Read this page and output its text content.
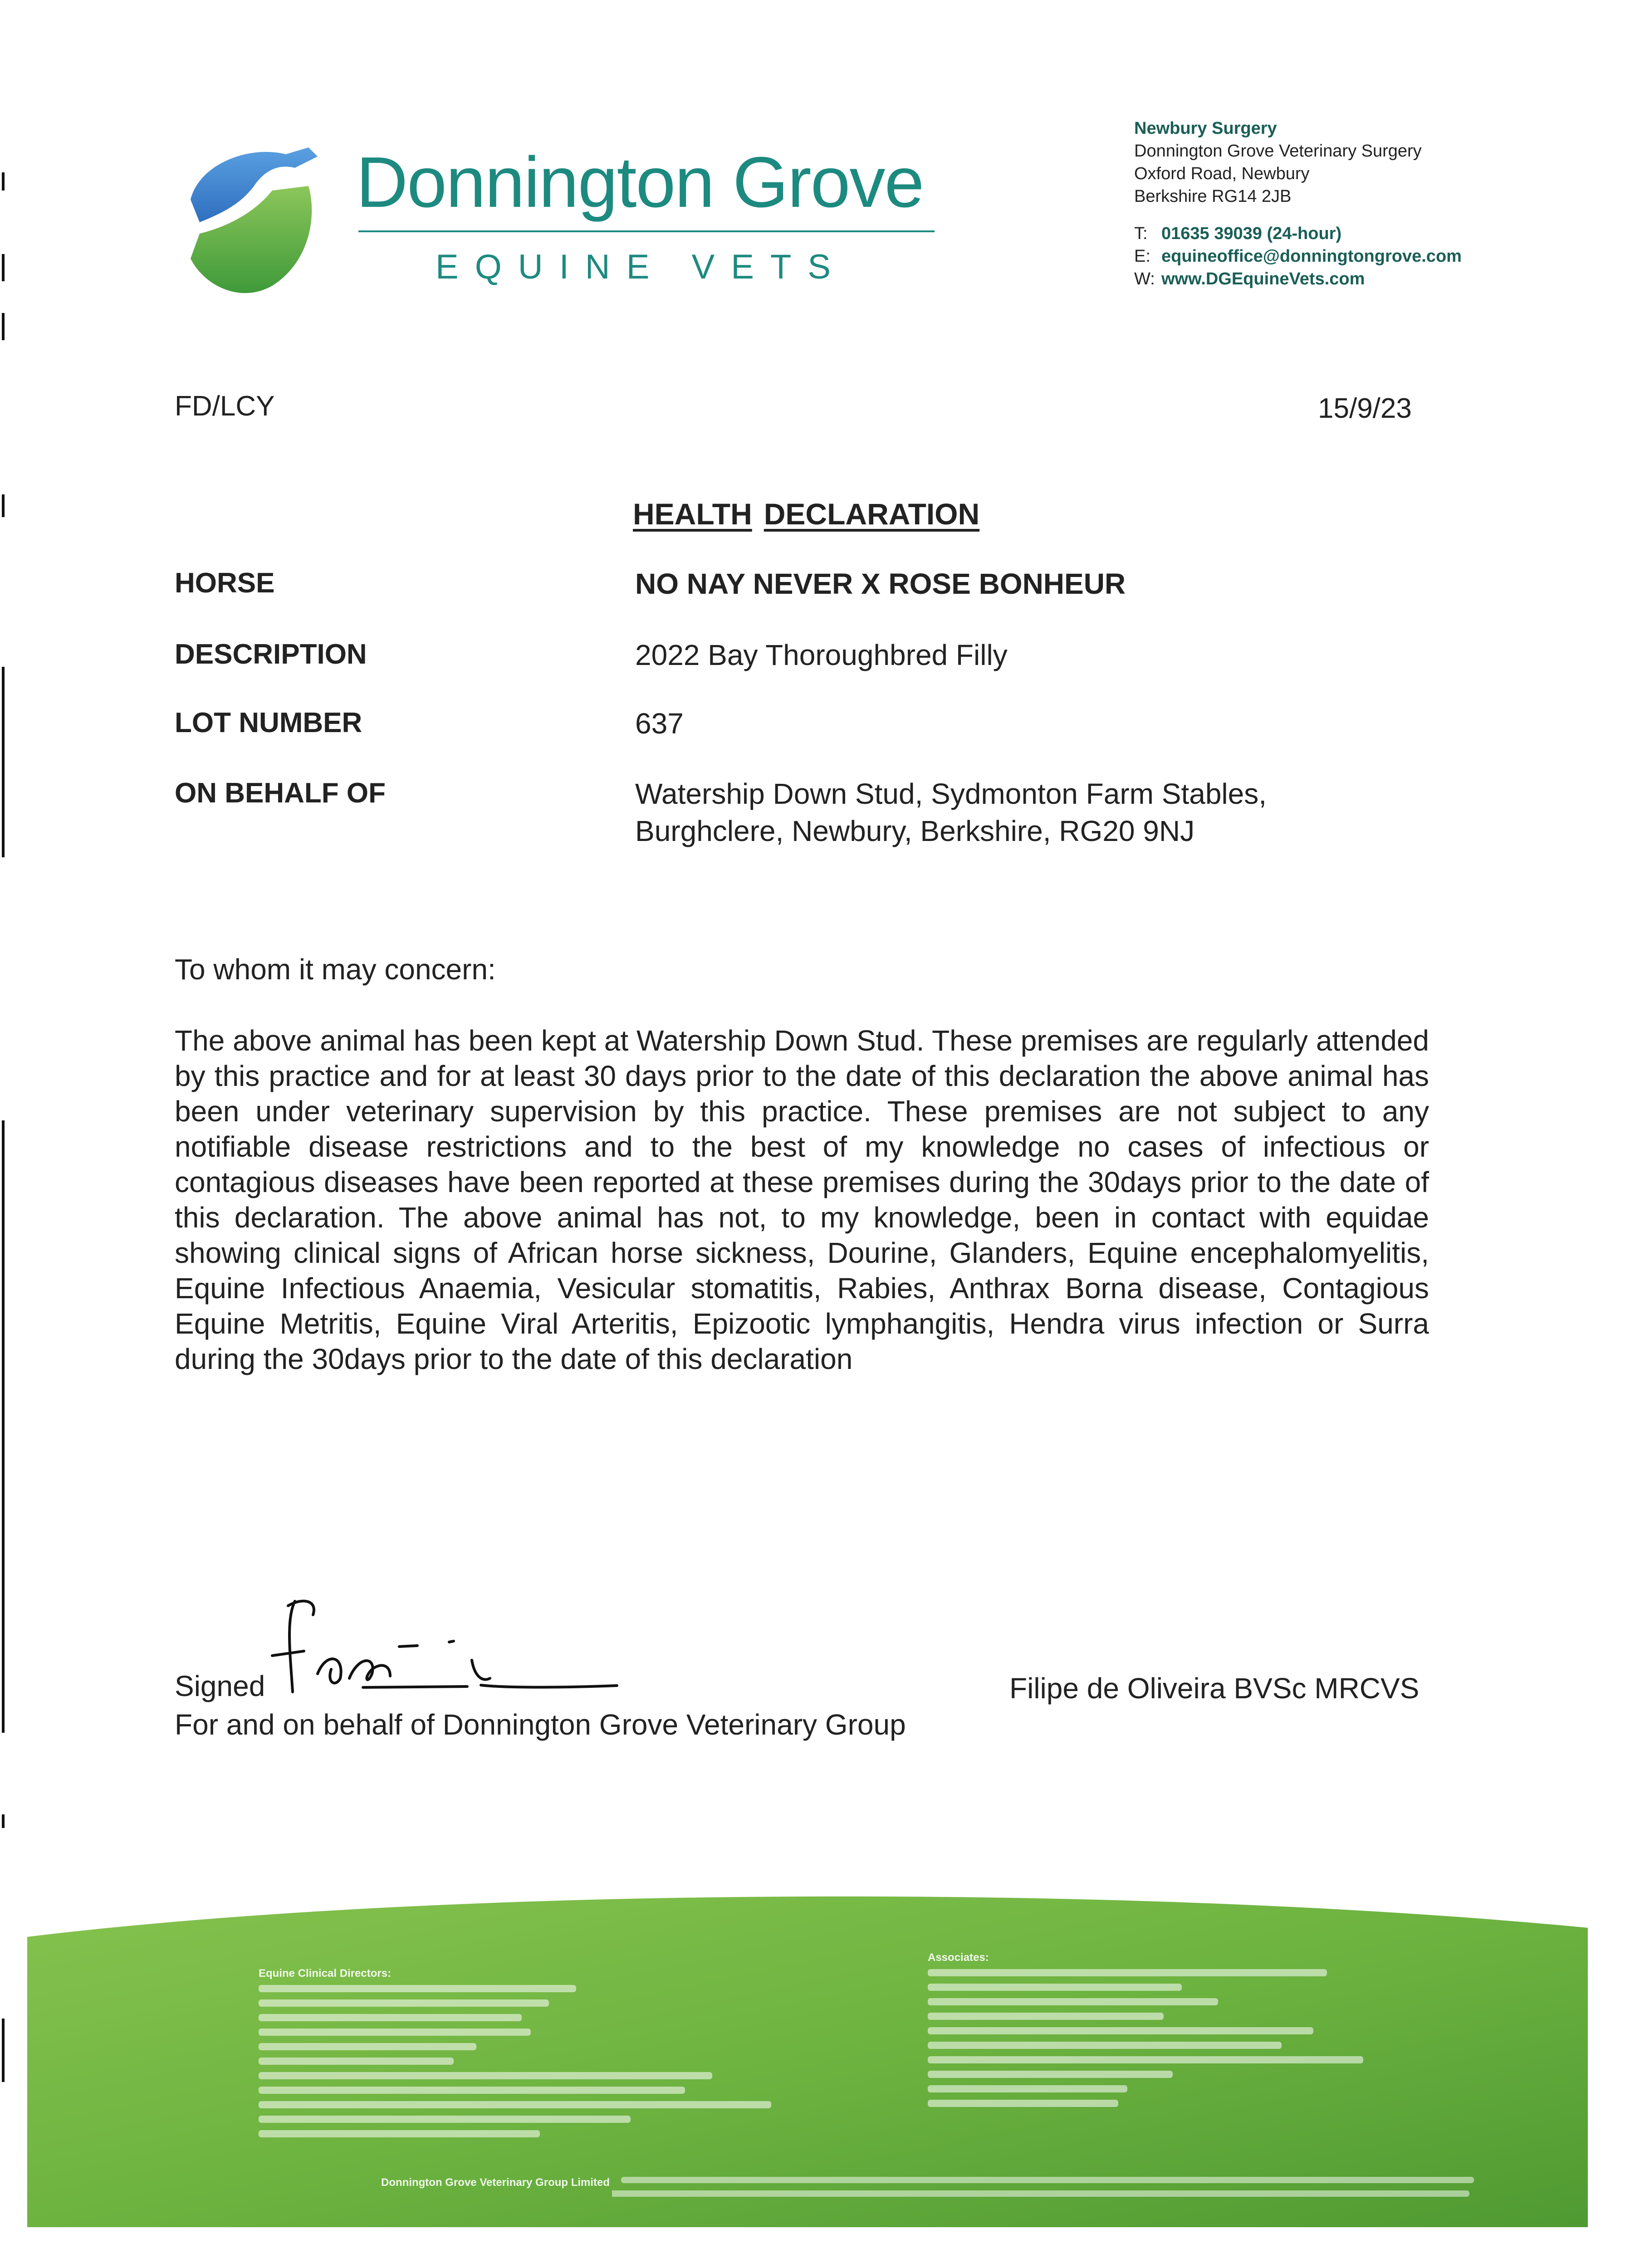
Donnington Grove
EQUINE VETS
Newbury Surgery
Donnington Grove Veterinary Surgery
Oxford Road, Newbury
Berkshire RG14 2JB
T: 01635 39039 (24-hour)
E: equineoffice@donningtongrove.com
W: www.DGEquineVets.com
FD/LCY	15/9/23
HEALTH DECLARATION
HORSE	NO NAY NEVER X ROSE BONHEUR
DESCRIPTION	2022 Bay Thoroughbred Filly
LOT NUMBER	637
ON BEHALF OF	Watership Down Stud, Sydmonton Farm Stables,
Burghclere, Newbury, Berkshire, RG20 9NJ
To whom it may concern:
The above animal has been kept at Watership Down Stud. These premises are regularly attended by this practice and for at least 30 days prior to the date of this declaration the above animal has been under veterinary supervision by this practice. These premises are not subject to any notifiable disease restrictions and to the best of my knowledge no cases of infectious or contagious diseases have been reported at these premises during the 30days prior to the date of this declaration. The above animal has not, to my knowledge, been in contact with equidae showing clinical signs of African horse sickness, Dourine, Glanders, Equine encephalomyelitis, Equine Infectious Anaemia, Vesicular stomatitis, Rabies, Anthrax Borna disease, Contagious Equine Metritis, Equine Viral Arteritis, Epizootic lymphangitis, Hendra virus infection or Surra during the 30days prior to the date of this declaration
Signed
For and on behalf of Donnington Grove Veterinary Group
Filipe de Oliveira BVSc MRCVS
Equine Clinical Directors:
Associates:
Donnington Grove Veterinary Group Limited
